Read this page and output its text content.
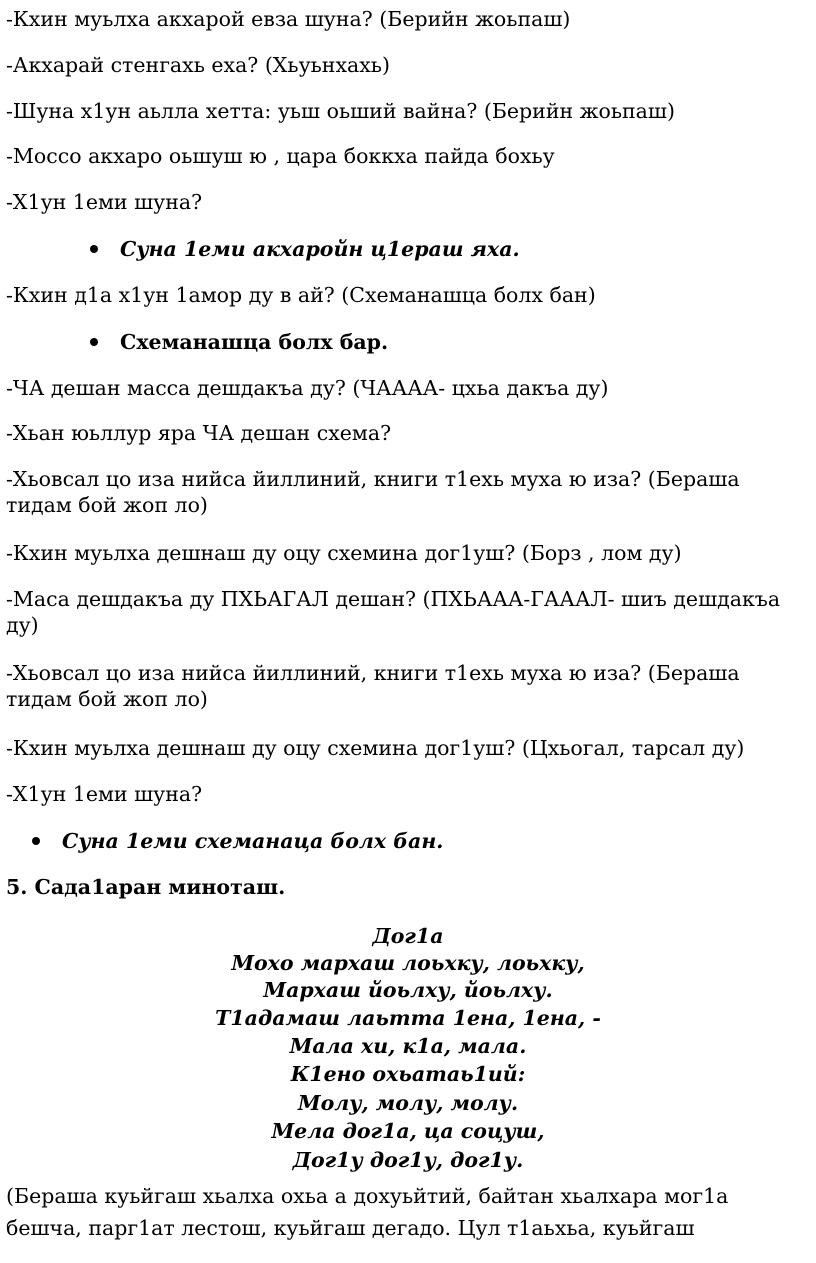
-Кхин муьлха акхарой евза шуна? (Берийн жоьпаш)
-Акхарай стенгахь еха? (Хьуьнхахь)
-Шуна х1ун аьлла хетта: уьш оьший вайна? (Берийн жоьпаш)
-Моссо акхаро оьшуш ю , цара боккха пайда бохьу
-Х1ун 1еми шуна?
Суна 1еми акхаройн ц1ераш яха.
-Кхин д1а х1ун 1амор ду в ай? (Схеманашца болх бан)
Схеманашца болх бар.
-ЧА дешан масса дешдакъа ду? (ЧАААА- цхьа дакъа ду)
-Хьан юьллур яра ЧА дешан схема?
-Хьовсал цо иза нийса йиллиний, книги т1ехь муха ю иза? (Бераша тидам бой жоп ло)
-Кхин муьлха дешнаш ду оцу схемина дог1уш? (Борз , лом ду)
-Маса дешдакъа ду ПХЬАГАЛ дешан? (ПХЬААА-ГАААЛ- шиъ дешдакъа ду)
-Хьовсал цо иза нийса йиллиний, книги т1ехь муха ю иза? (Бераша тидам бой жоп ло)
-Кхин муьлха дешнаш ду оцу схемина дог1уш? (Цхьогал, тарсал ду)
-Х1ун 1еми шуна?
Суна 1еми схеманаца болх бан.
5. Сада1аран миноташ.
Дог1а
Мохо мархаш лоьхку, лоьхку,
Мархаш йоьлху, йоьлху.
Т1адамаш лаьтта 1ена, 1ена, -
Мала хи, к1а, мала.
К1ено охьатаь1ий:
Молу, молу, молу.
Мела дог1а, ца соцуш,
Дог1у дог1у, дог1у.
(Бераша куьйгаш хьалха охьа а дохуьйтий, байтан хьалхара мог1а бешча, парг1ат лестош, куьйгаш дегадо. Цул т1аьхьа, куьйгаш
